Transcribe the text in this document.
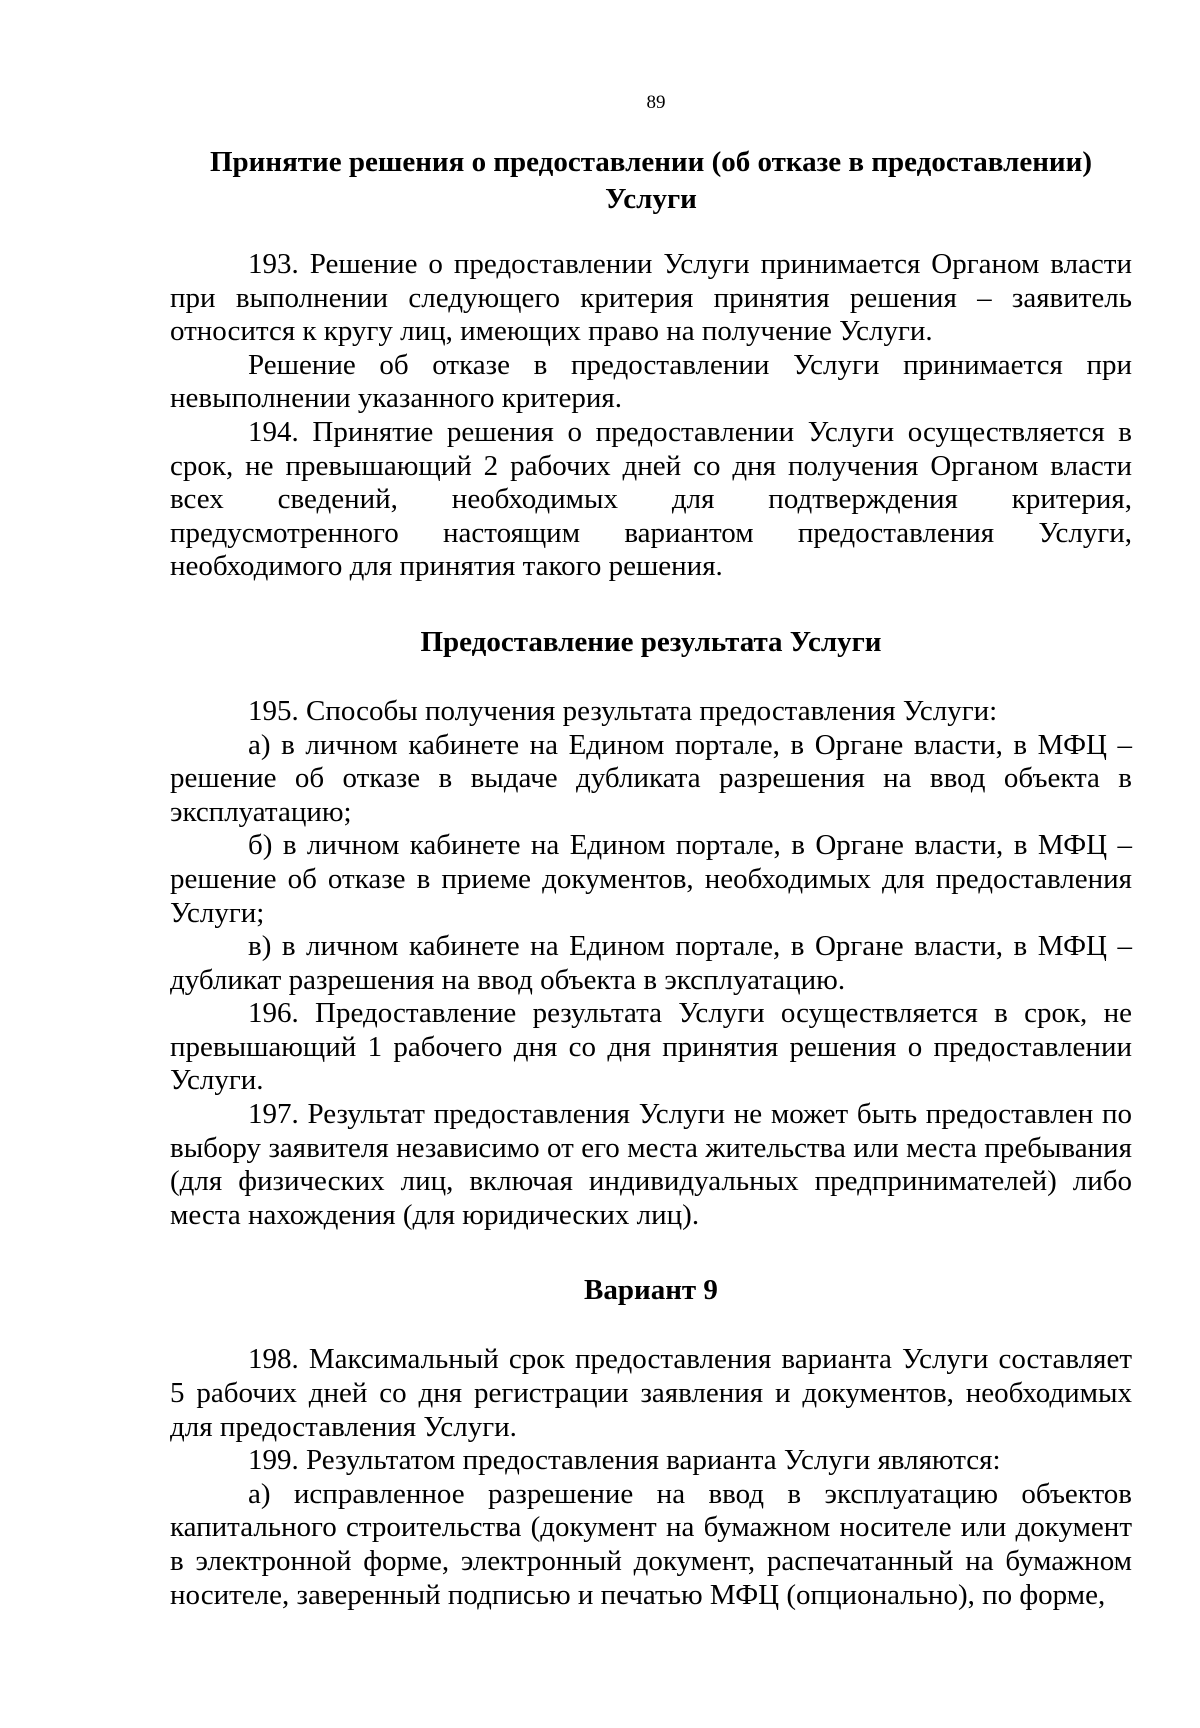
89
Принятие решения о предоставлении (об отказе в предоставлении) Услуги

193. Решение о предоставлении Услуги принимается Органом власти при выполнении следующего критерия принятия решения – заявитель относится к кругу лиц, имеющих право на получение Услуги.

Решение об отказе в предоставлении Услуги принимается при невыполнении указанного критерия.

194. Принятие решения о предоставлении Услуги осуществляется в срок, не превышающий 2 рабочих дней со дня получения Органом власти всех сведений, необходимых для подтверждения критерия, предусмотренного настоящим вариантом предоставления Услуги, необходимого для принятия такого решения.

Предоставление результата Услуги

195. Способы получения результата предоставления Услуги:

а) в личном кабинете на Едином портале, в Органе власти, в МФЦ – решение об отказе в выдаче дубликата разрешения на ввод объекта в эксплуатацию;

б) в личном кабинете на Едином портале, в Органе власти, в МФЦ – решение об отказе в приеме документов, необходимых для предоставления Услуги;

в) в личном кабинете на Едином портале, в Органе власти, в МФЦ – дубликат разрешения на ввод объекта в эксплуатацию.

196. Предоставление результата Услуги осуществляется в срок, не превышающий 1 рабочего дня со дня принятия решения о предоставлении Услуги.

197. Результат предоставления Услуги не может быть предоставлен по выбору заявителя независимо от его места жительства или места пребывания (для физических лиц, включая индивидуальных предпринимателей) либо места нахождения (для юридических лиц).

Вариант 9

198. Максимальный срок предоставления варианта Услуги составляет 5 рабочих дней со дня регистрации заявления и документов, необходимых для предоставления Услуги.

199. Результатом предоставления варианта Услуги являются:

а) исправленное разрешение на ввод в эксплуатацию объектов капитального строительства (документ на бумажном носителе или документ в электронной форме, электронный документ, распечатанный на бумажном носителе, заверенный подписью и печатью МФЦ (опционально), по форме,
